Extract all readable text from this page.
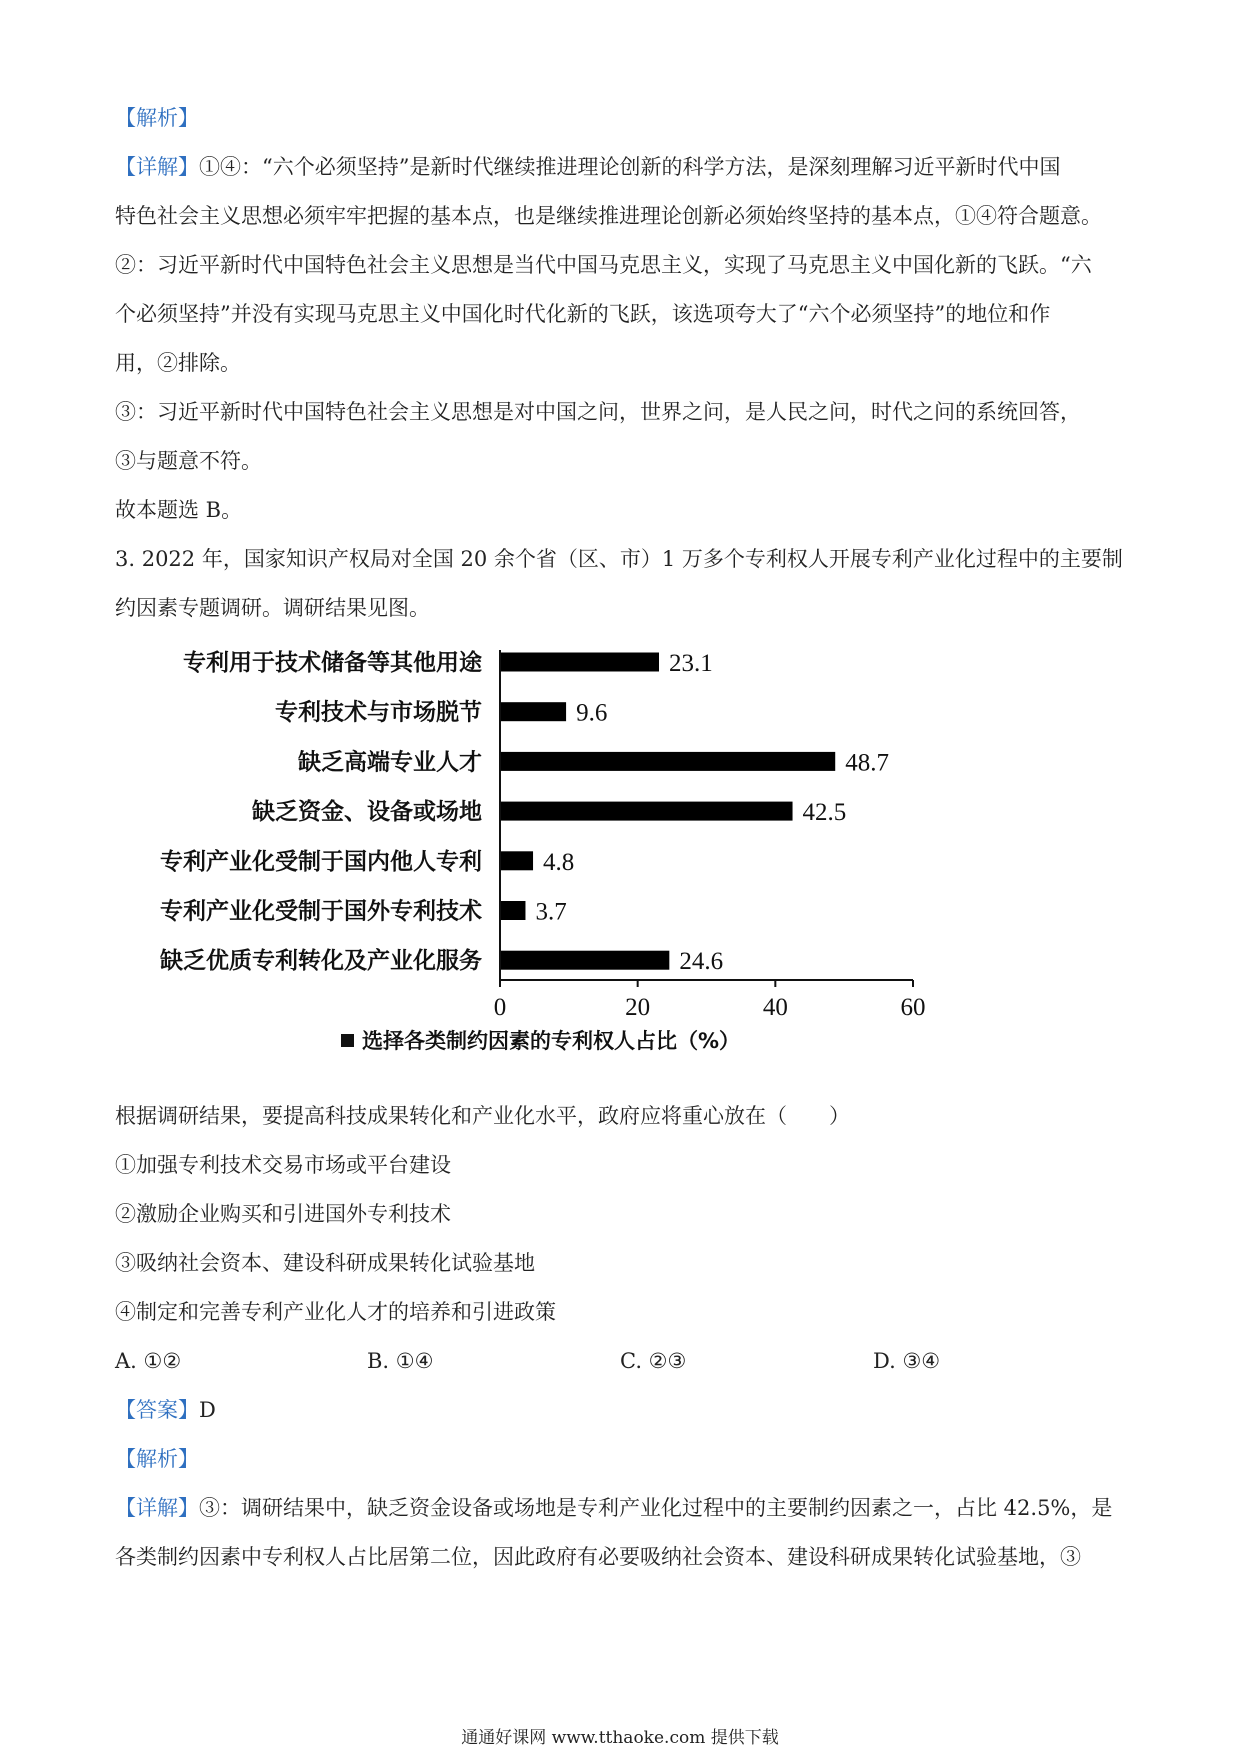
【解析】
【详解】①④：“六个必须坚持”是新时代继续推进理论创新的科学方法，是深刻理解习近平新时代中国
特色社会主义思想必须牢牢把握的基本点，也是继续推进理论创新必须始终坚持的基本点，①④符合题意。
②：习近平新时代中国特色社会主义思想是当代中国马克思主义，实现了马克思主义中国化新的飞跃。“六
个必须坚持”并没有实现马克思主义中国化时代化新的飞跃，该选项夸大了“六个必须坚持”的地位和作
用，②排除。
③：习近平新时代中国特色社会主义思想是对中国之问，世界之问，是人民之问，时代之问的系统回答，
③与题意不符。
故本题选 B。
3. 2022 年，国家知识产权局对全国 20 余个省（区、市）1 万多个专利权人开展专利产业化过程中的主要制
约因素专题调研。调研结果见图。
专利用于技术储备等其他用途	23.1
专利技术与市场脱节	9.6
缺乏高端专业人才	48.7
缺乏资金、设备或场地	42.5
专利产业化受制于国内他人专利 4.8
专利产业化受制于国外专利技术 3.7
缺乏优质专利转化及产业化服务	24.6
0	20	40	60
选择各类制约因素的专利权人占比（%）
根据调研结果，要提高科技成果转化和产业化水平，政府应将重心放在（　　）
①加强专利技术交易市场或平台建设
②激励企业购买和引进国外专利技术
③吸纳社会资本、建设科研成果转化试验基地
④制定和完善专利产业化人才的培养和引进政策
A. ①②	B. ①④	C. ②③	D. ③④
【答案】D
【解析】
【详解】③：调研结果中，缺乏资金设备或场地是专利产业化过程中的主要制约因素之一，占比 42.5%，是
各类制约因素中专利权人占比居第二位，因此政府有必要吸纳社会资本、建设科研成果转化试验基地，③
通通好课网 www.tthaoke.com 提供下载
